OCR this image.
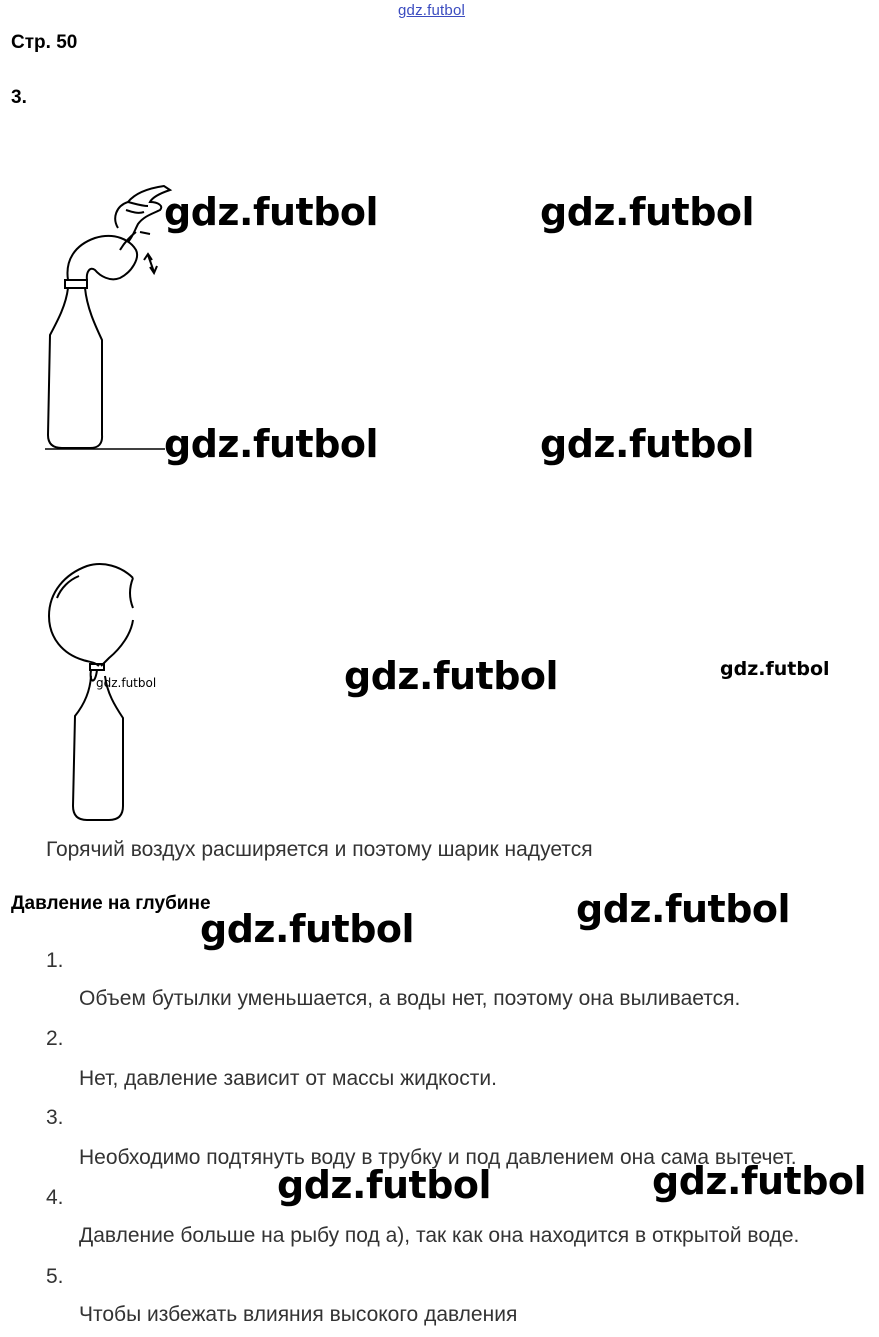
gdz.futbol
Стр. 50
3.
gdz.futbol	gdz.futbol
gdz.futbol	gdz.futbol
gdz.futbol	gdz.futbol
gdz.futbol
Горячий воздух расширяется и поэтому шарик надуется
Давление на глубине	gdz.futbol
gdz.futbol
1.
Объем бутылки уменьшается, а воды нет, поэтому она выливается.
2.
Нет, давление зависит от массы жидкости.
3.
Необходимо подтянуть воду в трубку и под давлением она сама вытечет.
4.
Давление больше на рыбу под а), так как она находится в открытой воде.
5.
Чтобы избежать влияния высокого давления
gdz.futbol	gdz.futbol
